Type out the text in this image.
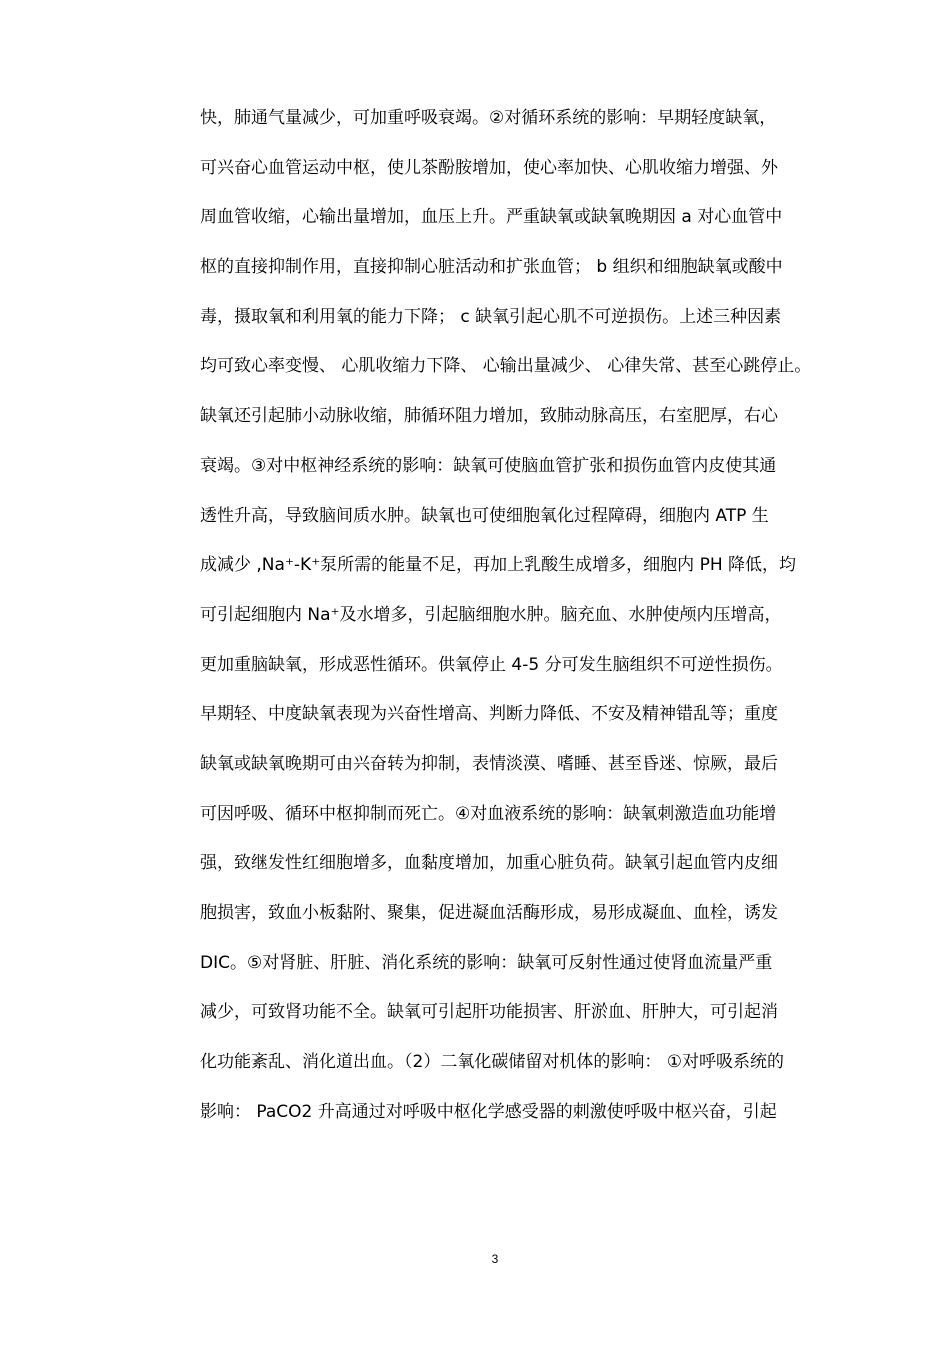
快，肺通气量减少，可加重呼吸衰竭。②对循环系统的影响：早期轻度缺氧，
可兴奋心血管运动中枢，使儿茶酚胺增加，使心率加快、心肌收缩力增强、外
周血管收缩，心输出量增加，血压上升。严重缺氧或缺氧晚期因 a 对心血管中
枢的直接抑制作用，直接抑制心脏活动和扩张血管； b 组织和细胞缺氧或酸中
毒，摄取氧和利用氧的能力下降； c 缺氧引起心肌不可逆损伤。上述三种因素
均可致心率变慢、 心肌收缩力下降、 心输出量减少、 心律失常、甚至心跳停止。
缺氧还引起肺小动脉收缩，肺循环阻力增加，致肺动脉高压，右室肥厚，右心
衰竭。③对中枢神经系统的影响：缺氧可使脑血管扩张和损伤血管内皮使其通
透性升高，导致脑间质水肿。缺氧也可使细胞氧化过程障碍，细胞内 ATP 生
成减少 ,Na⁺-K⁺泵所需的能量不足，再加上乳酸生成增多，细胞内 PH 降低，均
可引起细胞内 Na⁺及水增多，引起脑细胞水肿。脑充血、水肿使颅内压增高，
更加重脑缺氧，形成恶性循环。供氧停止 4-5 分可发生脑组织不可逆性损伤。
早期轻、中度缺氧表现为兴奋性增高、判断力降低、不安及精神错乱等；重度
缺氧或缺氧晚期可由兴奋转为抑制，表情淡漠、嗜睡、甚至昏迷、惊厥，最后
可因呼吸、循环中枢抑制而死亡。④对血液系统的影响：缺氧刺激造血功能增
强，致继发性红细胞增多，血黏度增加，加重心脏负荷。缺氧引起血管内皮细
胞损害，致血小板黏附、聚集，促进凝血活酶形成，易形成凝血、血栓，诱发
DIC。⑤对肾脏、肝脏、消化系统的影响：缺氧可反射性通过使肾血流量严重
减少，可致肾功能不全。缺氧可引起肝功能损害、肝淤血、肝肿大，可引起消
化功能紊乱、消化道出血。（2）二氧化碳储留对机体的影响： ①对呼吸系统的
影响： PaCO2 升高通过对呼吸中枢化学感受器的刺激使呼吸中枢兴奋，引起
3
